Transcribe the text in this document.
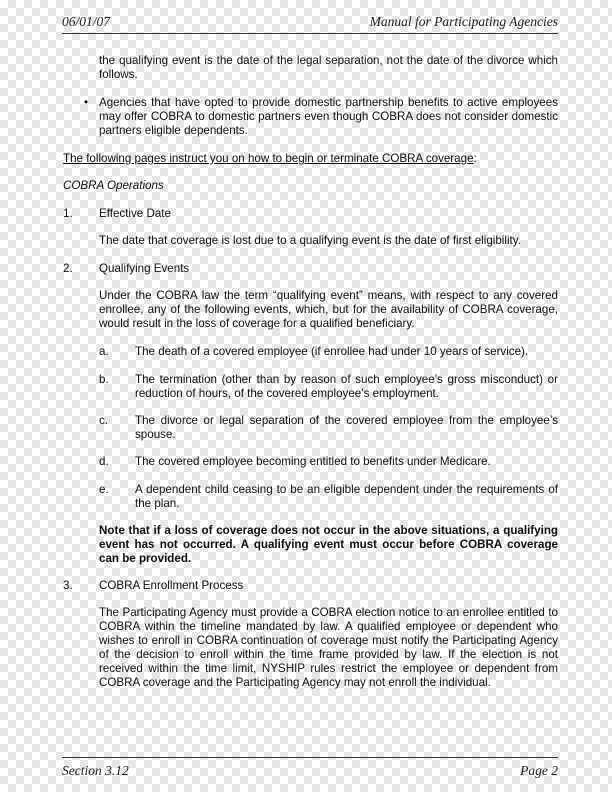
06/01/07	Manual for Participating Agencies
the qualifying event is the date of the legal separation, not the date of the divorce which follows.
• Agencies that have opted to provide domestic partnership benefits to active employees may offer COBRA to domestic partners even though COBRA does not consider domestic partners eligible dependents.
The following pages instruct you on how to begin or terminate COBRA coverage:
COBRA Operations
1. Effective Date
The date that coverage is lost due to a qualifying event is the date of first eligibility.
2. Qualifying Events
Under the COBRA law the term “qualifying event” means, with respect to any covered enrollee, any of the following events, which, but for the availability of COBRA coverage, would result in the loss of coverage for a qualified beneficiary.
a. The death of a covered employee (if enrollee had under 10 years of service).
b. The termination (other than by reason of such employee’s gross misconduct) or reduction of hours, of the covered employee’s employment.
c. The divorce or legal separation of the covered employee from the employee’s spouse.
d. The covered employee becoming entitled to benefits under Medicare.
e. A dependent child ceasing to be an eligible dependent under the requirements of the plan.
Note that if a loss of coverage does not occur in the above situations, a qualifying event has not occurred. A qualifying event must occur before COBRA coverage can be provided.
3. COBRA Enrollment Process
The Participating Agency must provide a COBRA election notice to an enrollee entitled to COBRA within the timeline mandated by law. A qualified employee or dependent who wishes to enroll in COBRA continuation of coverage must notify the Participating Agency of the decision to enroll within the time frame provided by law. If the election is not received within the time limit, NYSHIP rules restrict the employee or dependent from COBRA coverage and the Participating Agency may not enroll the individual.
Section 3.12	Page 2
